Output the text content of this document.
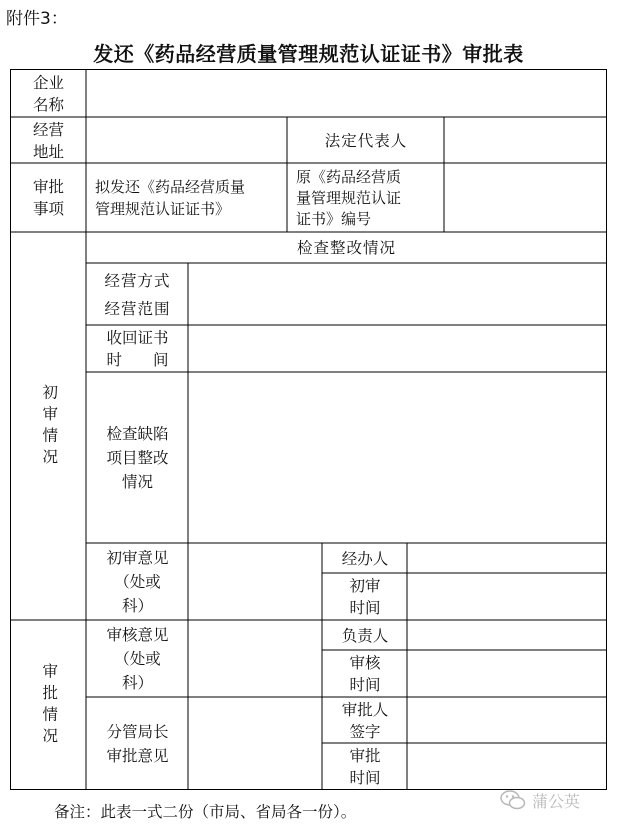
附件3：
发还《药品经营质量管理规范认证证书》审批表
企业
名称
经营
地址
法定代表人
审批
事项
拟发还《药品经营质量
管理规范认证证书》
原《药品经营质
量管理规范认证
证书》编号
初审情况
检查整改情况
经营方式
经营范围
收回证书
时　　间
检查缺陷
项目整改
情况
初审意见
（处或
科）
经办人
初审
时间
审批情况
审核意见
（处或
科）
负责人
审核
时间
分管局长
审批意见
审批人
签字
审批
时间
备注：此表一式二份（市局、省局各一份）。
蒲公英
